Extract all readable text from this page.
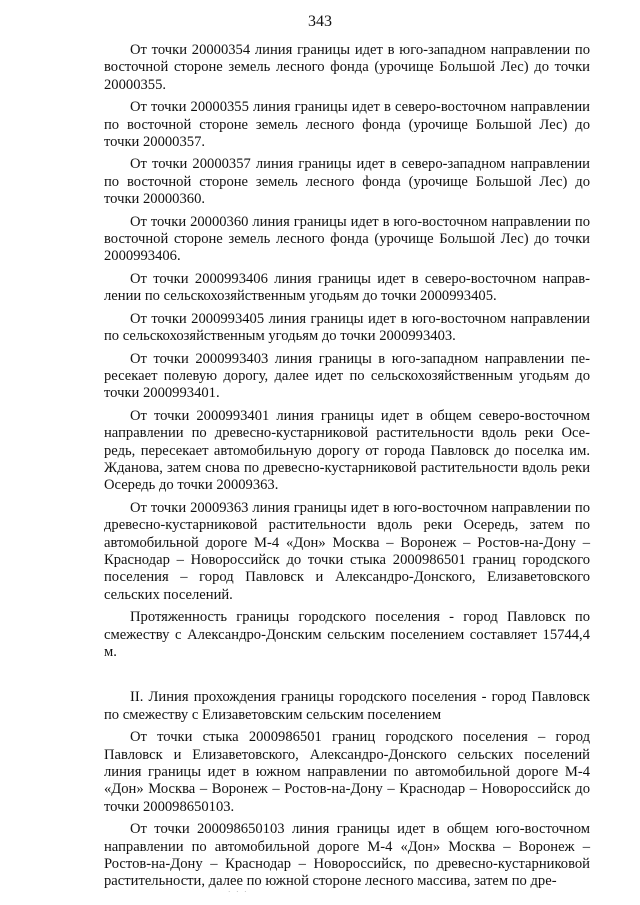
343

От точки 20000354 линия границы идет в юго-западном направлении по восточной стороне земель лесного фонда (урочище Большой Лес) до точки 20000355.

От точки 20000355 линия границы идет в северо-восточном направлении по восточной стороне земель лесного фонда (урочище Большой Лес) до точки 20000357.

От точки 20000357 линия границы идет в северо-западном направлении по восточной стороне земель лесного фонда (урочище Большой Лес) до точки 20000360.

От точки 20000360 линия границы идет в юго-восточном направлении по восточной стороне земель лесного фонда (урочище Большой Лес) до точки 2000993406.

От точки 2000993406 линия границы идет в северо-восточном направлении по сельскохозяйственным угодьям до точки 2000993405.

От точки 2000993405 линия границы идет в юго-восточном направлении по сельскохозяйственным угодьям до точки 2000993403.

От точки 2000993403 линия границы в юго-западном направлении пересекает полевую дорогу, далее идет по сельскохозяйственным угодьям до точки 2000993401.

От точки 2000993401 линия границы идет в общем северо-восточном направлении по древесно-кустарниковой растительности вдоль реки Осередь, пересекает автомобильную дорогу от города Павловск до поселка им. Жданова, затем снова по древесно-кустарниковой растительности вдоль реки Осередь до точки 20009363.

От точки 20009363 линия границы идет в юго-восточном направлении по древесно-кустарниковой растительности вдоль реки Осередь, затем по автомобильной дороге М-4 «Дон» Москва – Воронеж – Ростов-на-Дону – Краснодар – Новороссийск до точки стыка 2000986501 границ городского поселения – город Павловск и Александро-Донского, Елизаветовского сельских поселений.

Протяженность границы городского поселения - город Павловск по смежеству с Александро-Донским сельским поселением составляет 15744,4 м.

II. Линия прохождения границы городского поселения - город Павловск по смежеству с Елизаветовским сельским поселением

От точки стыка 2000986501 границ городского поселения – город Павловск и Елизаветовского, Александро-Донского сельских поселений линия границы идет в южном направлении по автомобильной дороге М-4 «Дон» Москва – Воронеж – Ростов-на-Дону – Краснодар – Новороссийск до точки 200098650103.

От точки 200098650103 линия границы идет в общем юго-восточном направлении по автомобильной дороге М-4 «Дон» Москва – Воронеж – Ростов-на-Дону – Краснодар – Новороссийск, по древесно-кустарниковой растительности, далее по южной стороне лесного массива, затем по дре-

· · ·
